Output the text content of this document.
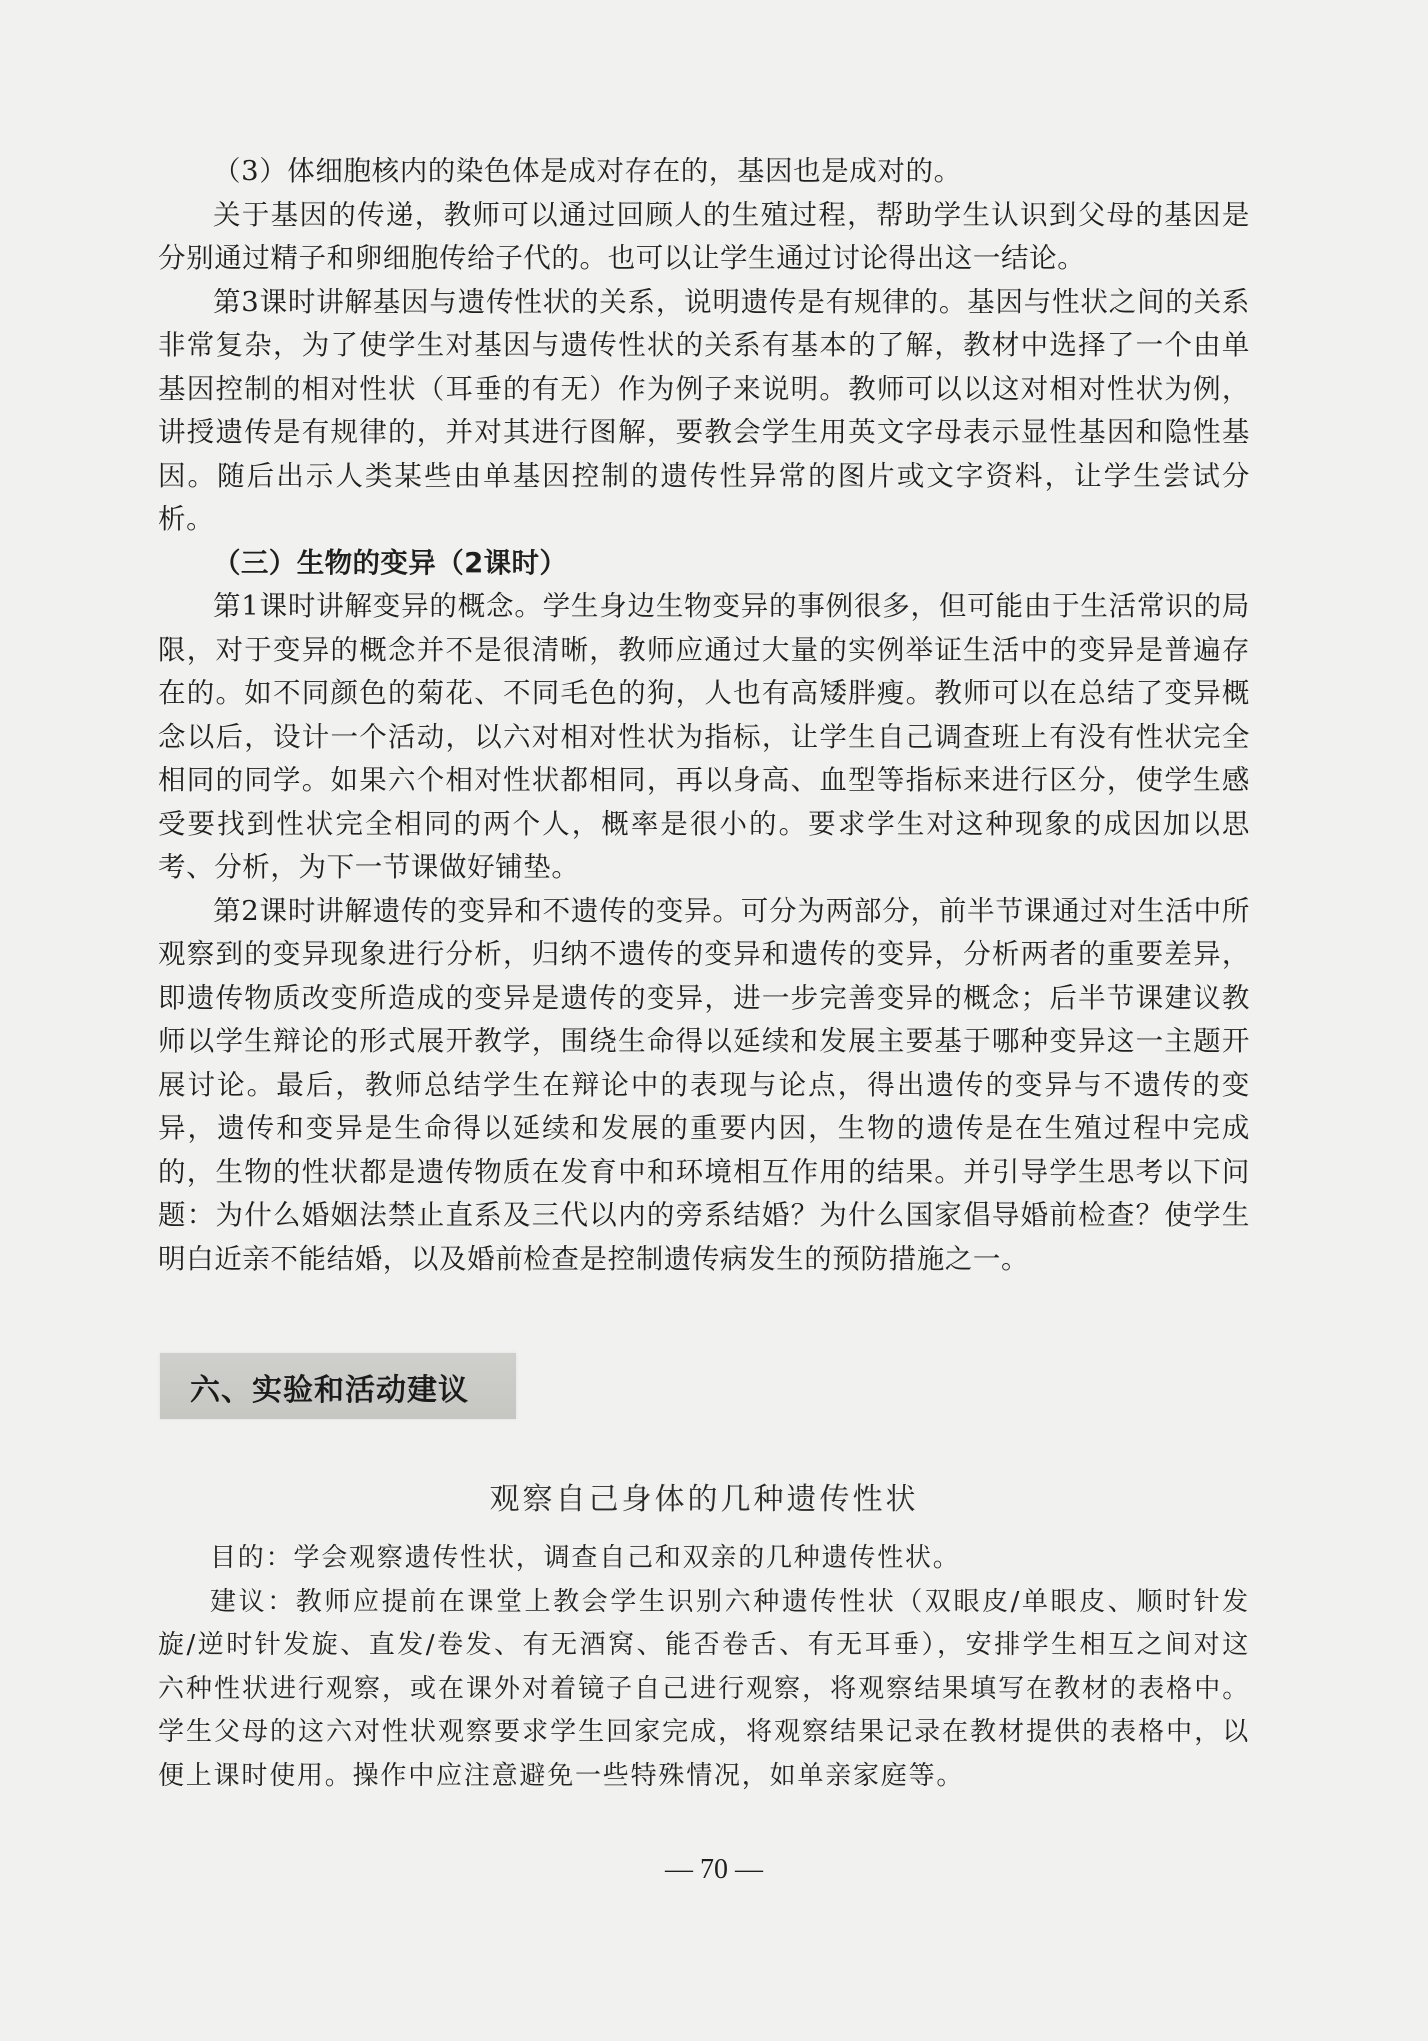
（3）体细胞核内的染色体是成对存在的，基因也是成对的。

关于基因的传递，教师可以通过回顾人的生殖过程，帮助学生认识到父母的基因是分别通过精子和卵细胞传给子代的。也可以让学生通过讨论得出这一结论。

第3课时讲解基因与遗传性状的关系，说明遗传是有规律的。基因与性状之间的关系非常复杂，为了使学生对基因与遗传性状的关系有基本的了解，教材中选择了一个由单基因控制的相对性状（耳垂的有无）作为例子来说明。教师可以以这对相对性状为例，讲授遗传是有规律的，并对其进行图解，要教会学生用英文字母表示显性基因和隐性基因。随后出示人类某些由单基因控制的遗传性异常的图片或文字资料，让学生尝试分析。

（三）生物的变异（2课时）

第1课时讲解变异的概念。学生身边生物变异的事例很多，但可能由于生活常识的局限，对于变异的概念并不是很清晰，教师应通过大量的实例举证生活中的变异是普遍存在的。如不同颜色的菊花、不同毛色的狗，人也有高矮胖瘦。教师可以在总结了变异概念以后，设计一个活动，以六对相对性状为指标，让学生自己调查班上有没有性状完全相同的同学。如果六个相对性状都相同，再以身高、血型等指标来进行区分，使学生感受要找到性状完全相同的两个人，概率是很小的。要求学生对这种现象的成因加以思考、分析，为下一节课做好铺垫。

第2课时讲解遗传的变异和不遗传的变异。可分为两部分，前半节课通过对生活中所观察到的变异现象进行分析，归纳不遗传的变异和遗传的变异，分析两者的重要差异，即遗传物质改变所造成的变异是遗传的变异，进一步完善变异的概念；后半节课建议教师以学生辩论的形式展开教学，围绕生命得以延续和发展主要基于哪种变异这一主题开展讨论。最后，教师总结学生在辩论中的表现与论点，得出遗传的变异与不遗传的变异，遗传和变异是生命得以延续和发展的重要内因，生物的遗传是在生殖过程中完成的，生物的性状都是遗传物质在发育中和环境相互作用的结果。并引导学生思考以下问题：为什么婚姻法禁止直系及三代以内的旁系结婚？为什么国家倡导婚前检查？使学生明白近亲不能结婚，以及婚前检查是控制遗传病发生的预防措施之一。

六、实验和活动建议
观察自己身体的几种遗传性状

目的：学会观察遗传性状，调查自己和双亲的几种遗传性状。

建议：教师应提前在课堂上教会学生识别六种遗传性状（双眼皮/单眼皮、顺时针发旋/逆时针发旋、直发/卷发、有无酒窝、能否卷舌、有无耳垂），安排学生相互之间对这六种性状进行观察，或在课外对着镜子自己进行观察，将观察结果填写在教材的表格中。学生父母的这六对性状观察要求学生回家完成，将观察结果记录在教材提供的表格中，以便上课时使用。操作中应注意避免一些特殊情况，如单亲家庭等。

— 70 —
